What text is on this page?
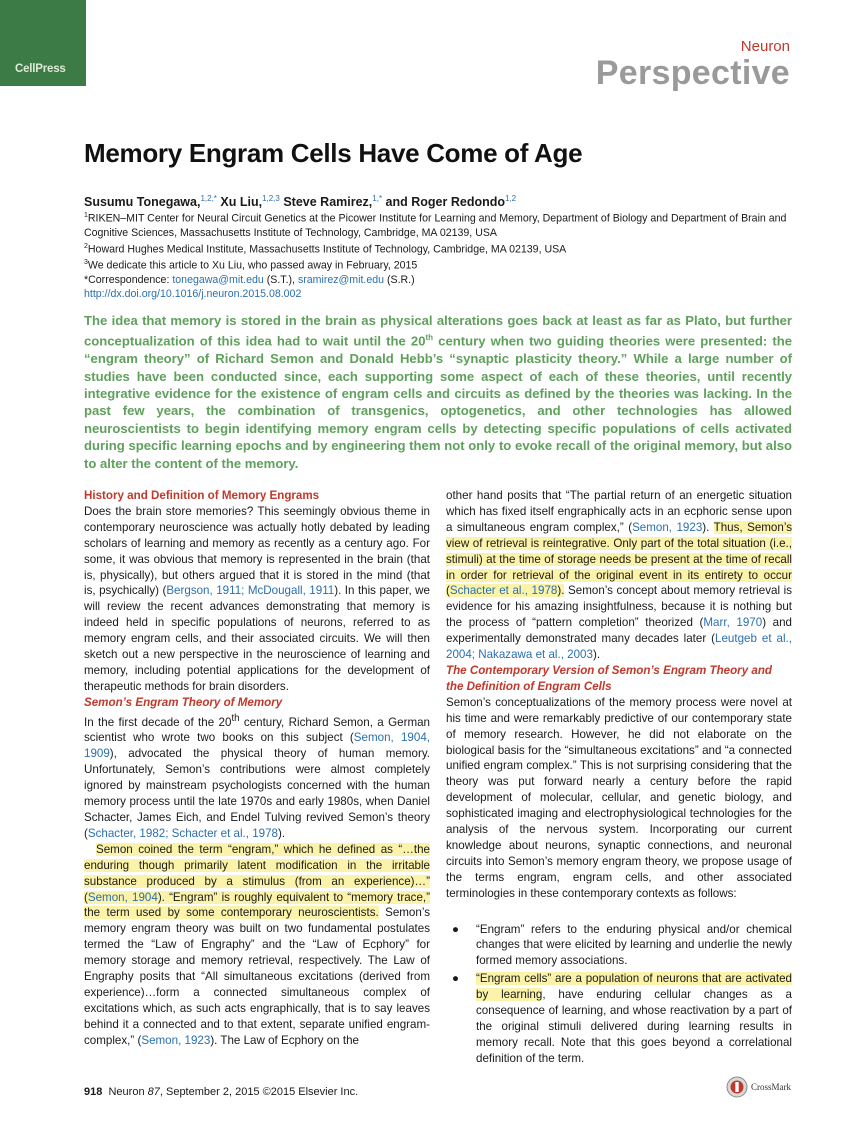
CellPress
Neuron
Perspective
Memory Engram Cells Have Come of Age
Susumu Tonegawa,$^{1,2,*}$ Xu Liu,$^{1,2,3}$ Steve Ramirez,$^{1,*}$ and Roger Redondo$^{1,2}$

$^1$RIKEN–MIT Center for Neural Circuit Genetics at the Picower Institute for Learning and Memory, Department of Biology and Department of Brain and Cognitive Sciences, Massachusetts Institute of Technology, Cambridge, MA 02139, USA

$^2$Howard Hughes Medical Institute, Massachusetts Institute of Technology, Cambridge, MA 02139, USA

$^3$We dedicate this article to Xu Liu, who passed away in February, 2015

*Correspondence: tonegawa@mit.edu (S.T.), sramirez@mit.edu (S.R.)

http://dx.doi.org/10.1016/j.neuron.2015.08.002

The idea that memory is stored in the brain as physical alterations goes back at least as far as Plato, but further conceptualization of this idea had to wait until the 20th century when two guiding theories were presented: the “engram theory” of Richard Semon and Donald Hebb’s “synaptic plasticity theory.” While a large number of studies have been conducted since, each supporting some aspect of each of these theories, until recently integrative evidence for the existence of engram cells and circuits as defined by the theories was lacking. In the past few years, the combination of transgenics, optogenetics, and other technologies has allowed neuroscientists to begin identifying memory engram cells by detecting specific populations of cells activated during specific learning epochs and by engineering them not only to evoke recall of the original memory, but also to alter the content of the memory.

History and Definition of Memory Engrams

Does the brain store memories? This seemingly obvious theme in contemporary neuroscience was actually hotly debated by leading scholars of learning and memory as recently as a century ago. For some, it was obvious that memory is represented in the brain (that is, physically), but others argued that it is stored in the mind (that is, psychically) (Bergson, 1911; McDougall, 1911). In this paper, we will review the recent advances demonstrating that memory is indeed held in specific populations of neurons, referred to as memory engram cells, and their associated circuits. We will then sketch out a new perspective in the neuroscience of learning and memory, including potential applications for the development of therapeutic methods for brain disorders.

Semon’s Engram Theory of Memory

In the first decade of the 20th century, Richard Semon, a German scientist who wrote two books on this subject (Semon, 1904, 1909), advocated the physical theory of human memory. Unfortunately, Semon’s contributions were almost completely ignored by mainstream psychologists concerned with the human memory process until the late 1970s and early 1980s, when Daniel Schacter, James Eich, and Endel Tulving revived Semon’s theory (Schacter, 1982; Schacter et al., 1978).

Semon coined the term “engram,” which he defined as “…the enduring though primarily latent modification in the irritable substance produced by a stimulus (from an experience)…” (Semon, 1904). “Engram” is roughly equivalent to “memory trace,” the term used by some contemporary neuroscientists. Semon’s memory engram theory was built on two fundamental postulates termed the “Law of Engraphy” and the “Law of Ecphory” for memory storage and memory retrieval, respectively. The Law of Engraphy posits that “All simultaneous excitations (derived from experience)…form a connected simultaneous complex of excitations which, as such acts engraphically, that is to say leaves behind it a connected and to that extent, separate unified engram-complex,” (Semon, 1923). The Law of Ecphory on the

other hand posits that “The partial return of an energetic situation which has fixed itself engraphically acts in an ecphoric sense upon a simultaneous engram complex,” (Semon, 1923). Thus, Semon’s view of retrieval is reintegrative. Only part of the total situation (i.e., stimuli) at the time of storage needs be present at the time of recall in order for retrieval of the original event in its entirety to occur (Schacter et al., 1978). Semon’s concept about memory retrieval is evidence for his amazing insightfulness, because it is nothing but the process of “pattern completion” theorized (Marr, 1970) and experimentally demonstrated many decades later (Leutgeb et al., 2004; Nakazawa et al., 2003).

The Contemporary Version of Semon’s Engram Theory and the Definition of Engram Cells

Semon’s conceptualizations of the memory process were novel at his time and were remarkably predictive of our contemporary state of memory research. However, he did not elaborate on the biological basis for the “simultaneous excitations” and “a connected unified engram complex.” This is not surprising considering that the theory was put forward nearly a century before the rapid development of molecular, cellular, and genetic biology, and sophisticated imaging and electrophysiological technologies for the analysis of the nervous system. Incorporating our current knowledge about neurons, synaptic connections, and neuronal circuits into Semon’s memory engram theory, we propose usage of the terms engram, engram cells, and other associated terminologies in these contemporary contexts as follows:

● “Engram” refers to the enduring physical and/or chemical changes that were elicited by learning and underlie the newly formed memory associations.
● “Engram cells” are a population of neurons that are activated by learning, have enduring cellular changes as a consequence of learning, and whose reactivation by a part of the original stimuli delivered during learning results in memory recall. Note that this goes beyond a correlational definition of the term.
918 Neuron 87, September 2, 2015 ©2015 Elsevier Inc.	CrossMark
